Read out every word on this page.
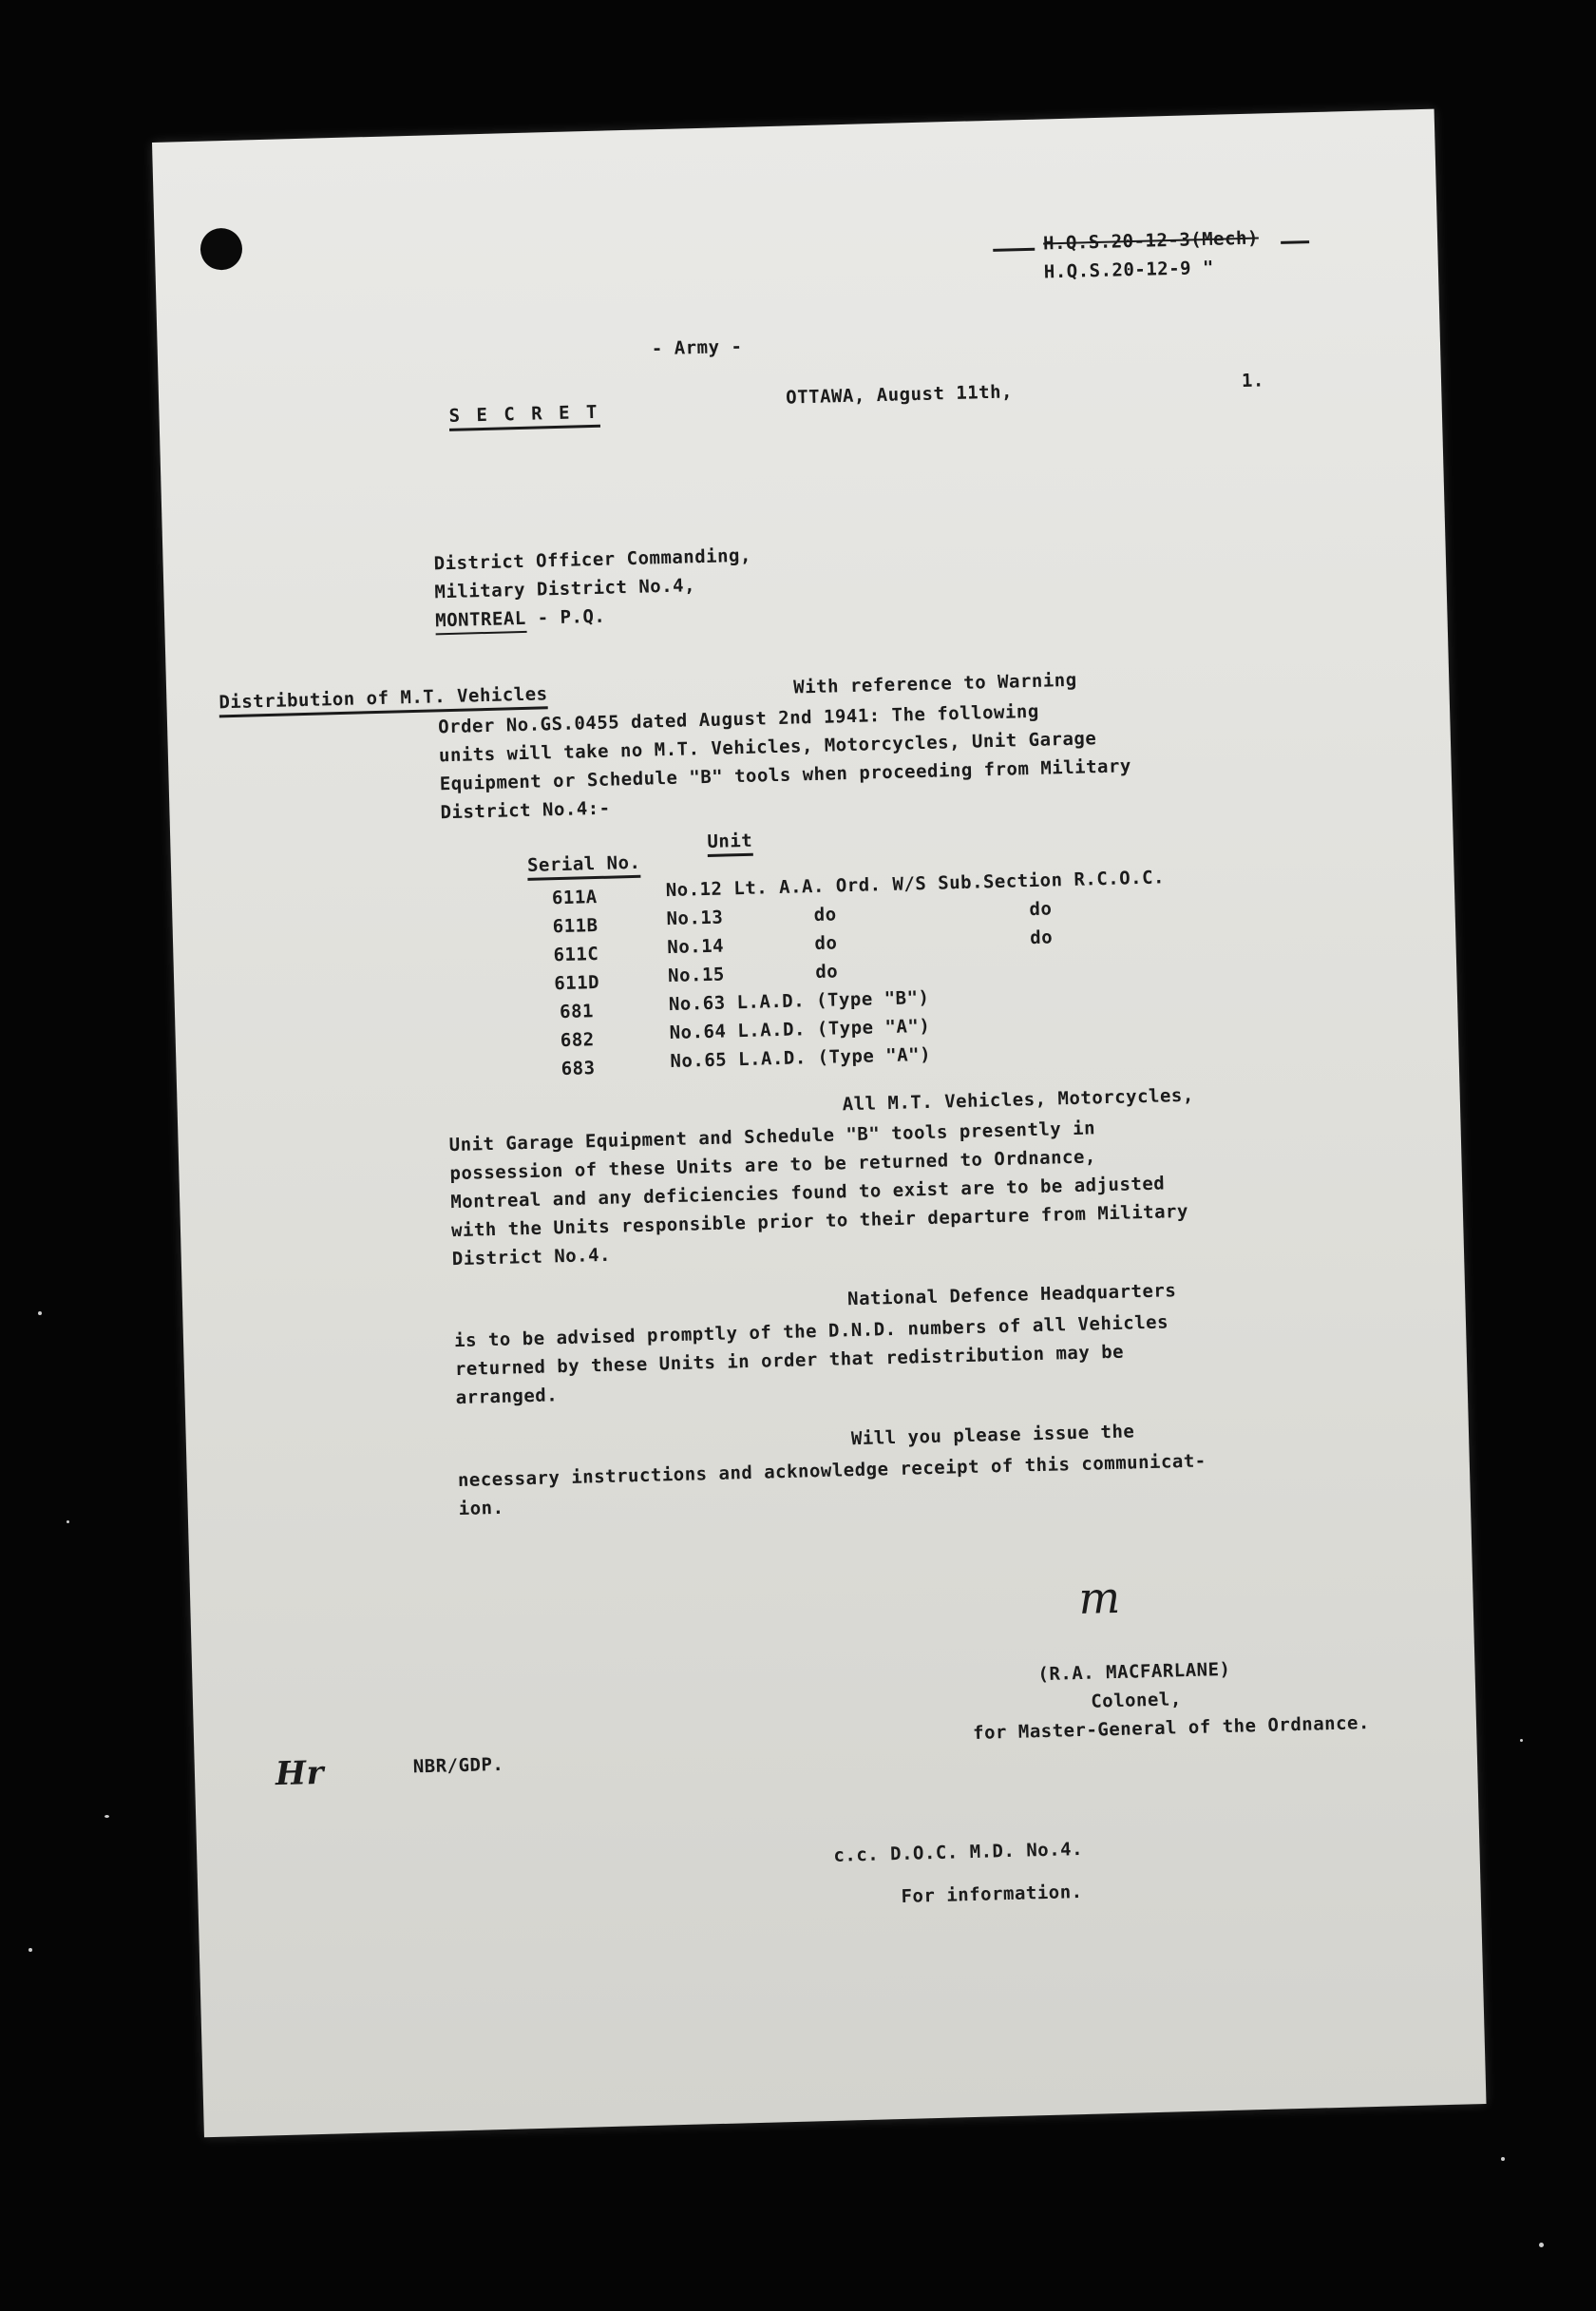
H.Q.S.20-12-3(Mech)
H.Q.S.20-12-9 "
- Army -
S E C R E T
OTTAWA, August 11th,
1.
District Officer Commanding,
Military District No.4,
MONTREAL - P.Q.
Distribution of M.T. Vehicles	With reference to Warning
Order No.GS.0455 dated August 2nd 1941: The following
units will take no M.T. Vehicles, Motorcycles, Unit Garage
Equipment or Schedule "B" tools when proceeding from Military
District No.4:-
Serial No.
Unit
611A	No.12 Lt. A.A. Ord. W/S Sub.Section R.C.O.C.
611B	No.13        do                 do
611C	No.14        do                 do
611D	No.15        do
681	No.63 L.A.D. (Type "B")
682	No.64 L.A.D. (Type "A")
683	No.65 L.A.D. (Type "A")
All M.T. Vehicles, Motorcycles,
Unit Garage Equipment and Schedule "B" tools presently in
possession of these Units are to be returned to Ordnance,
Montreal and any deficiencies found to exist are to be adjusted
with the Units responsible prior to their departure from Military
District No.4.
National Defence Headquarters
is to be advised promptly of the D.N.D. numbers of all Vehicles
returned by these Units in order that redistribution may be
arranged.
Will you please issue the
necessary instructions and acknowledge receipt of this communicat-
ion.
m
(R.A. MACFARLANE)
Colonel,
for Master-General of the Ordnance.
Hr	NBR/GDP.
c.c. D.O.C. M.D. No.4.
For information.
